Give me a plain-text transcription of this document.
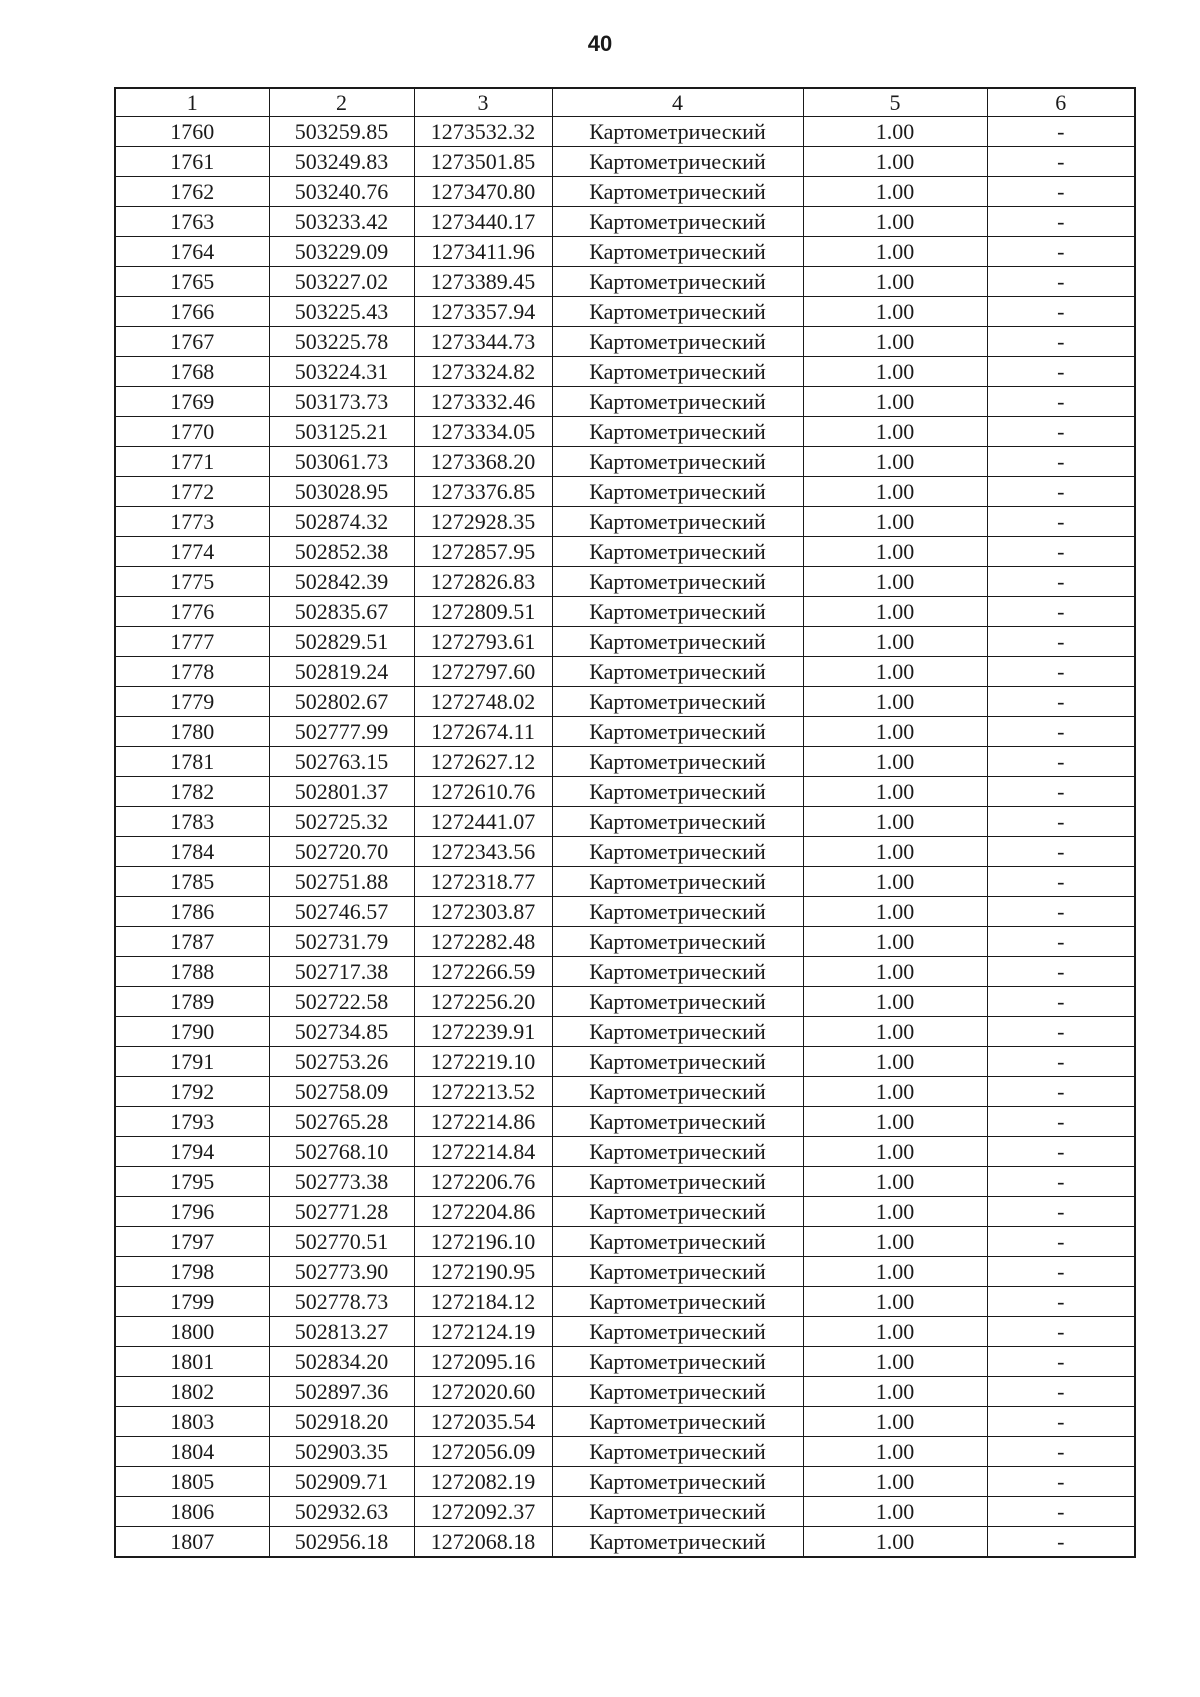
40
1	2	3	4	5	6
1760	503259.85	1273532.32	Картометрический	1.00	-
1761	503249.83	1273501.85	Картометрический	1.00	-
1762	503240.76	1273470.80	Картометрический	1.00	-
1763	503233.42	1273440.17	Картометрический	1.00	-
1764	503229.09	1273411.96	Картометрический	1.00	-
1765	503227.02	1273389.45	Картометрический	1.00	-
1766	503225.43	1273357.94	Картометрический	1.00	-
1767	503225.78	1273344.73	Картометрический	1.00	-
1768	503224.31	1273324.82	Картометрический	1.00	-
1769	503173.73	1273332.46	Картометрический	1.00	-
1770	503125.21	1273334.05	Картометрический	1.00	-
1771	503061.73	1273368.20	Картометрический	1.00	-
1772	503028.95	1273376.85	Картометрический	1.00	-
1773	502874.32	1272928.35	Картометрический	1.00	-
1774	502852.38	1272857.95	Картометрический	1.00	-
1775	502842.39	1272826.83	Картометрический	1.00	-
1776	502835.67	1272809.51	Картометрический	1.00	-
1777	502829.51	1272793.61	Картометрический	1.00	-
1778	502819.24	1272797.60	Картометрический	1.00	-
1779	502802.67	1272748.02	Картометрический	1.00	-
1780	502777.99	1272674.11	Картометрический	1.00	-
1781	502763.15	1272627.12	Картометрический	1.00	-
1782	502801.37	1272610.76	Картометрический	1.00	-
1783	502725.32	1272441.07	Картометрический	1.00	-
1784	502720.70	1272343.56	Картометрический	1.00	-
1785	502751.88	1272318.77	Картометрический	1.00	-
1786	502746.57	1272303.87	Картометрический	1.00	-
1787	502731.79	1272282.48	Картометрический	1.00	-
1788	502717.38	1272266.59	Картометрический	1.00	-
1789	502722.58	1272256.20	Картометрический	1.00	-
1790	502734.85	1272239.91	Картометрический	1.00	-
1791	502753.26	1272219.10	Картометрический	1.00	-
1792	502758.09	1272213.52	Картометрический	1.00	-
1793	502765.28	1272214.86	Картометрический	1.00	-
1794	502768.10	1272214.84	Картометрический	1.00	-
1795	502773.38	1272206.76	Картометрический	1.00	-
1796	502771.28	1272204.86	Картометрический	1.00	-
1797	502770.51	1272196.10	Картометрический	1.00	-
1798	502773.90	1272190.95	Картометрический	1.00	-
1799	502778.73	1272184.12	Картометрический	1.00	-
1800	502813.27	1272124.19	Картометрический	1.00	-
1801	502834.20	1272095.16	Картометрический	1.00	-
1802	502897.36	1272020.60	Картометрический	1.00	-
1803	502918.20	1272035.54	Картометрический	1.00	-
1804	502903.35	1272056.09	Картометрический	1.00	-
1805	502909.71	1272082.19	Картометрический	1.00	-
1806	502932.63	1272092.37	Картометрический	1.00	-
1807	502956.18	1272068.18	Картометрический	1.00	-
